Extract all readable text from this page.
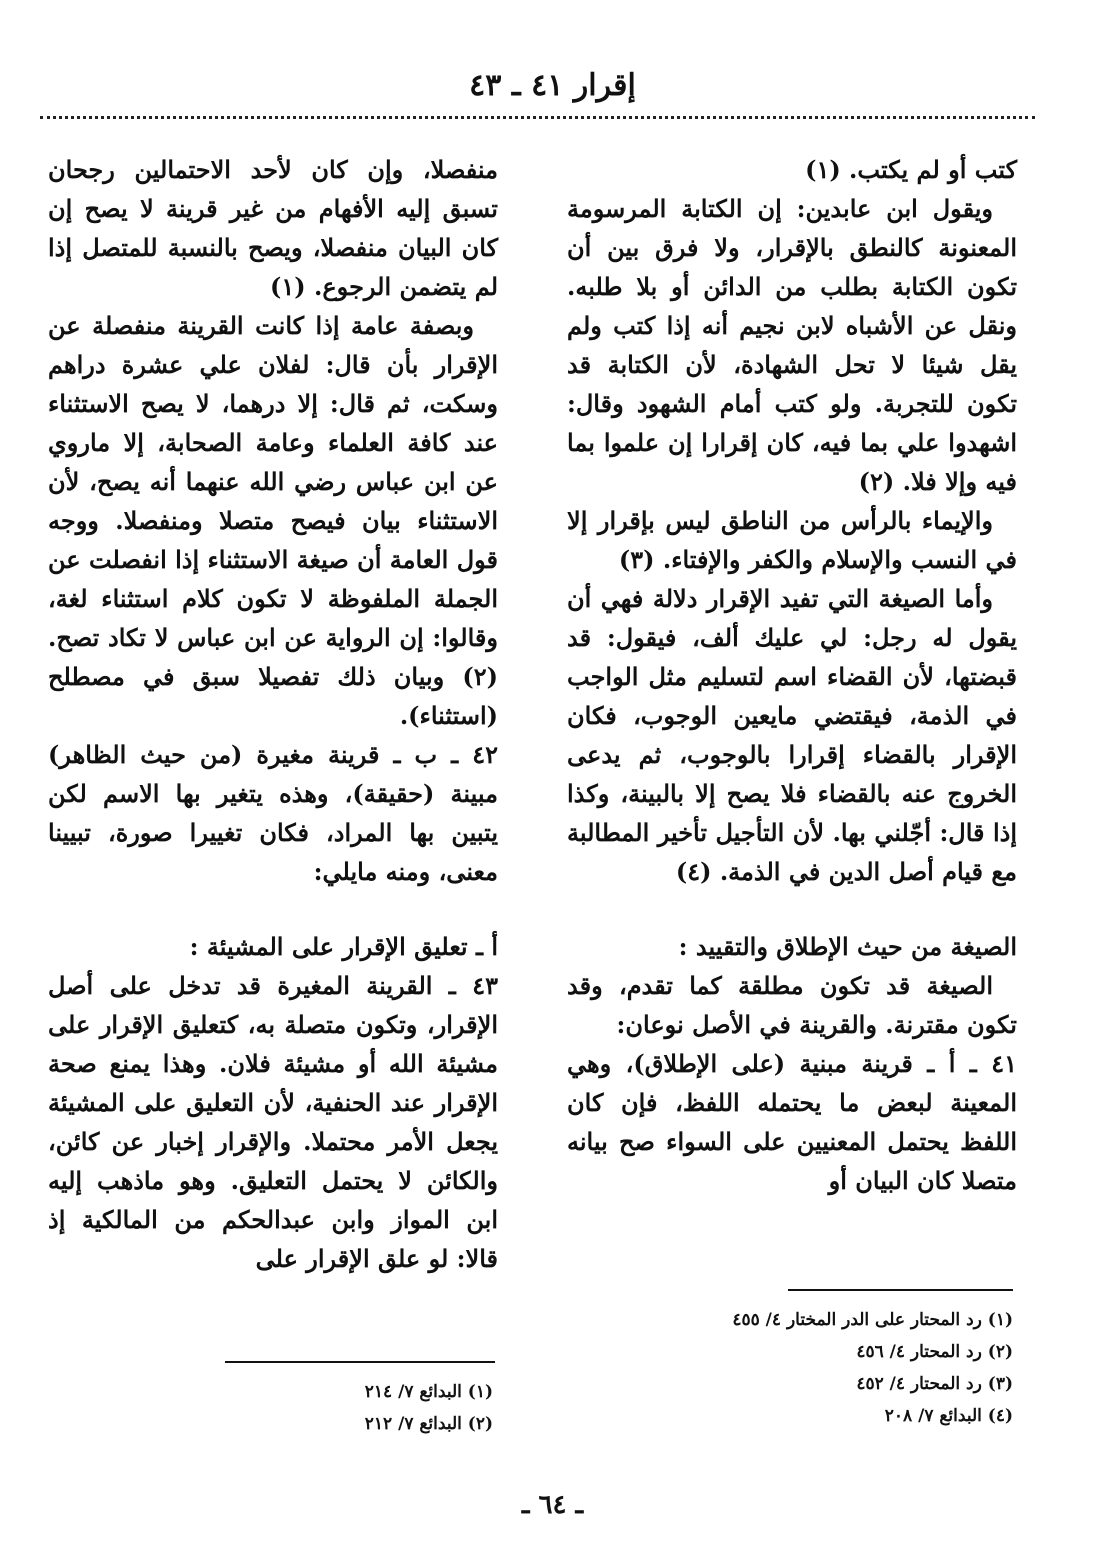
إقرار ٤١ ـ ٤٣

كتب أو لم يكتب. (١)

ويقول ابن عابدين: إن الكتابة المرسومة المعنونة كالنطق بالإقرار، ولا فرق بين أن تكون الكتابة بطلب من الدائن أو بلا طلبه. ونقل عن الأشباه لابن نجيم أنه إذا كتب ولم يقل شيئا لا تحل الشهادة، لأن الكتابة قد تكون للتجربة. ولو كتب أمام الشهود وقال: اشهدوا علي بما فيه، كان إقرارا إن علموا بما فيه وإلا فلا. (٢)

والإيماء بالرأس من الناطق ليس بإقرار إلا في النسب والإسلام والكفر والإفتاء. (٣)

وأما الصيغة التي تفيد الإقرار دلالة فهي أن يقول له رجل: لي عليك ألف، فيقول: قد قبضتها، لأن القضاء اسم لتسليم مثل الواجب في الذمة، فيقتضي مايعين الوجوب، فكان الإقرار بالقضاء إقرارا بالوجوب، ثم يدعى الخروج عنه بالقضاء فلا يصح إلا بالبينة، وكذا إذا قال: أجّلني بها. لأن التأجيل تأخير المطالبة مع قيام أصل الدين في الذمة. (٤)

الصيغة من حيث الإطلاق والتقييد :

الصيغة قد تكون مطلقة كما تقدم، وقد تكون مقترنة. والقرينة في الأصل نوعان:

٤١ ـ أ ـ قرينة مبنية (على الإطلاق)، وهي المعينة لبعض ما يحتمله اللفظ، فإن كان اللفظ يحتمل المعنيين على السواء صح بيانه متصلا كان البيان أو

منفصلا، وإن كان لأحد الاحتمالين رجحان تسبق إليه الأفهام من غير قرينة لا يصح إن كان البيان منفصلا، ويصح بالنسبة للمتصل إذا لم يتضمن الرجوع. (١)

وبصفة عامة إذا كانت القرينة منفصلة عن الإقرار بأن قال: لفلان علي عشرة دراهم وسكت، ثم قال: إلا درهما، لا يصح الاستثناء عند كافة العلماء وعامة الصحابة، إلا ماروي عن ابن عباس رضي الله عنهما أنه يصح، لأن الاستثناء بيان فيصح متصلا ومنفصلا. ووجه قول العامة أن صيغة الاستثناء إذا انفصلت عن الجملة الملفوظة لا تكون كلام استثناء لغة، وقالوا: إن الرواية عن ابن عباس لا تكاد تصح. (٢) وبيان ذلك تفصيلا سبق في مصطلح (استثناء).

٤٢ ـ ب ـ قرينة مغيرة (من حيث الظاهر) مبينة (حقيقة)، وهذه يتغير بها الاسم لكن يتبين بها المراد، فكان تغييرا صورة، تبيينا معنى، ومنه مايلي:

أ ـ تعليق الإقرار على المشيئة :

٤٣ ـ القرينة المغيرة قد تدخل على أصل الإقرار، وتكون متصلة به، كتعليق الإقرار على مشيئة الله أو مشيئة فلان. وهذا يمنع صحة الإقرار عند الحنفية، لأن التعليق على المشيئة يجعل الأمر محتملا. والإقرار إخبار عن كائن، والكائن لا يحتمل التعليق. وهو ماذهب إليه ابن المواز وابن عبدالحكم من المالكية إذ قالا: لو علق الإقرار على

(١) رد المحتار على الدر المختار ٤/ ٤٥٥
(٢) رد المحتار ٤/ ٤٥٦
(٣) رد المحتار ٤/ ٤٥٢
(٤) البدائع ٧/ ٢٠٨
(١) البدائع ٧/ ٢١٤
(٢) البدائع ٧/ ٢١٢
ـ ٦٤ ـ
